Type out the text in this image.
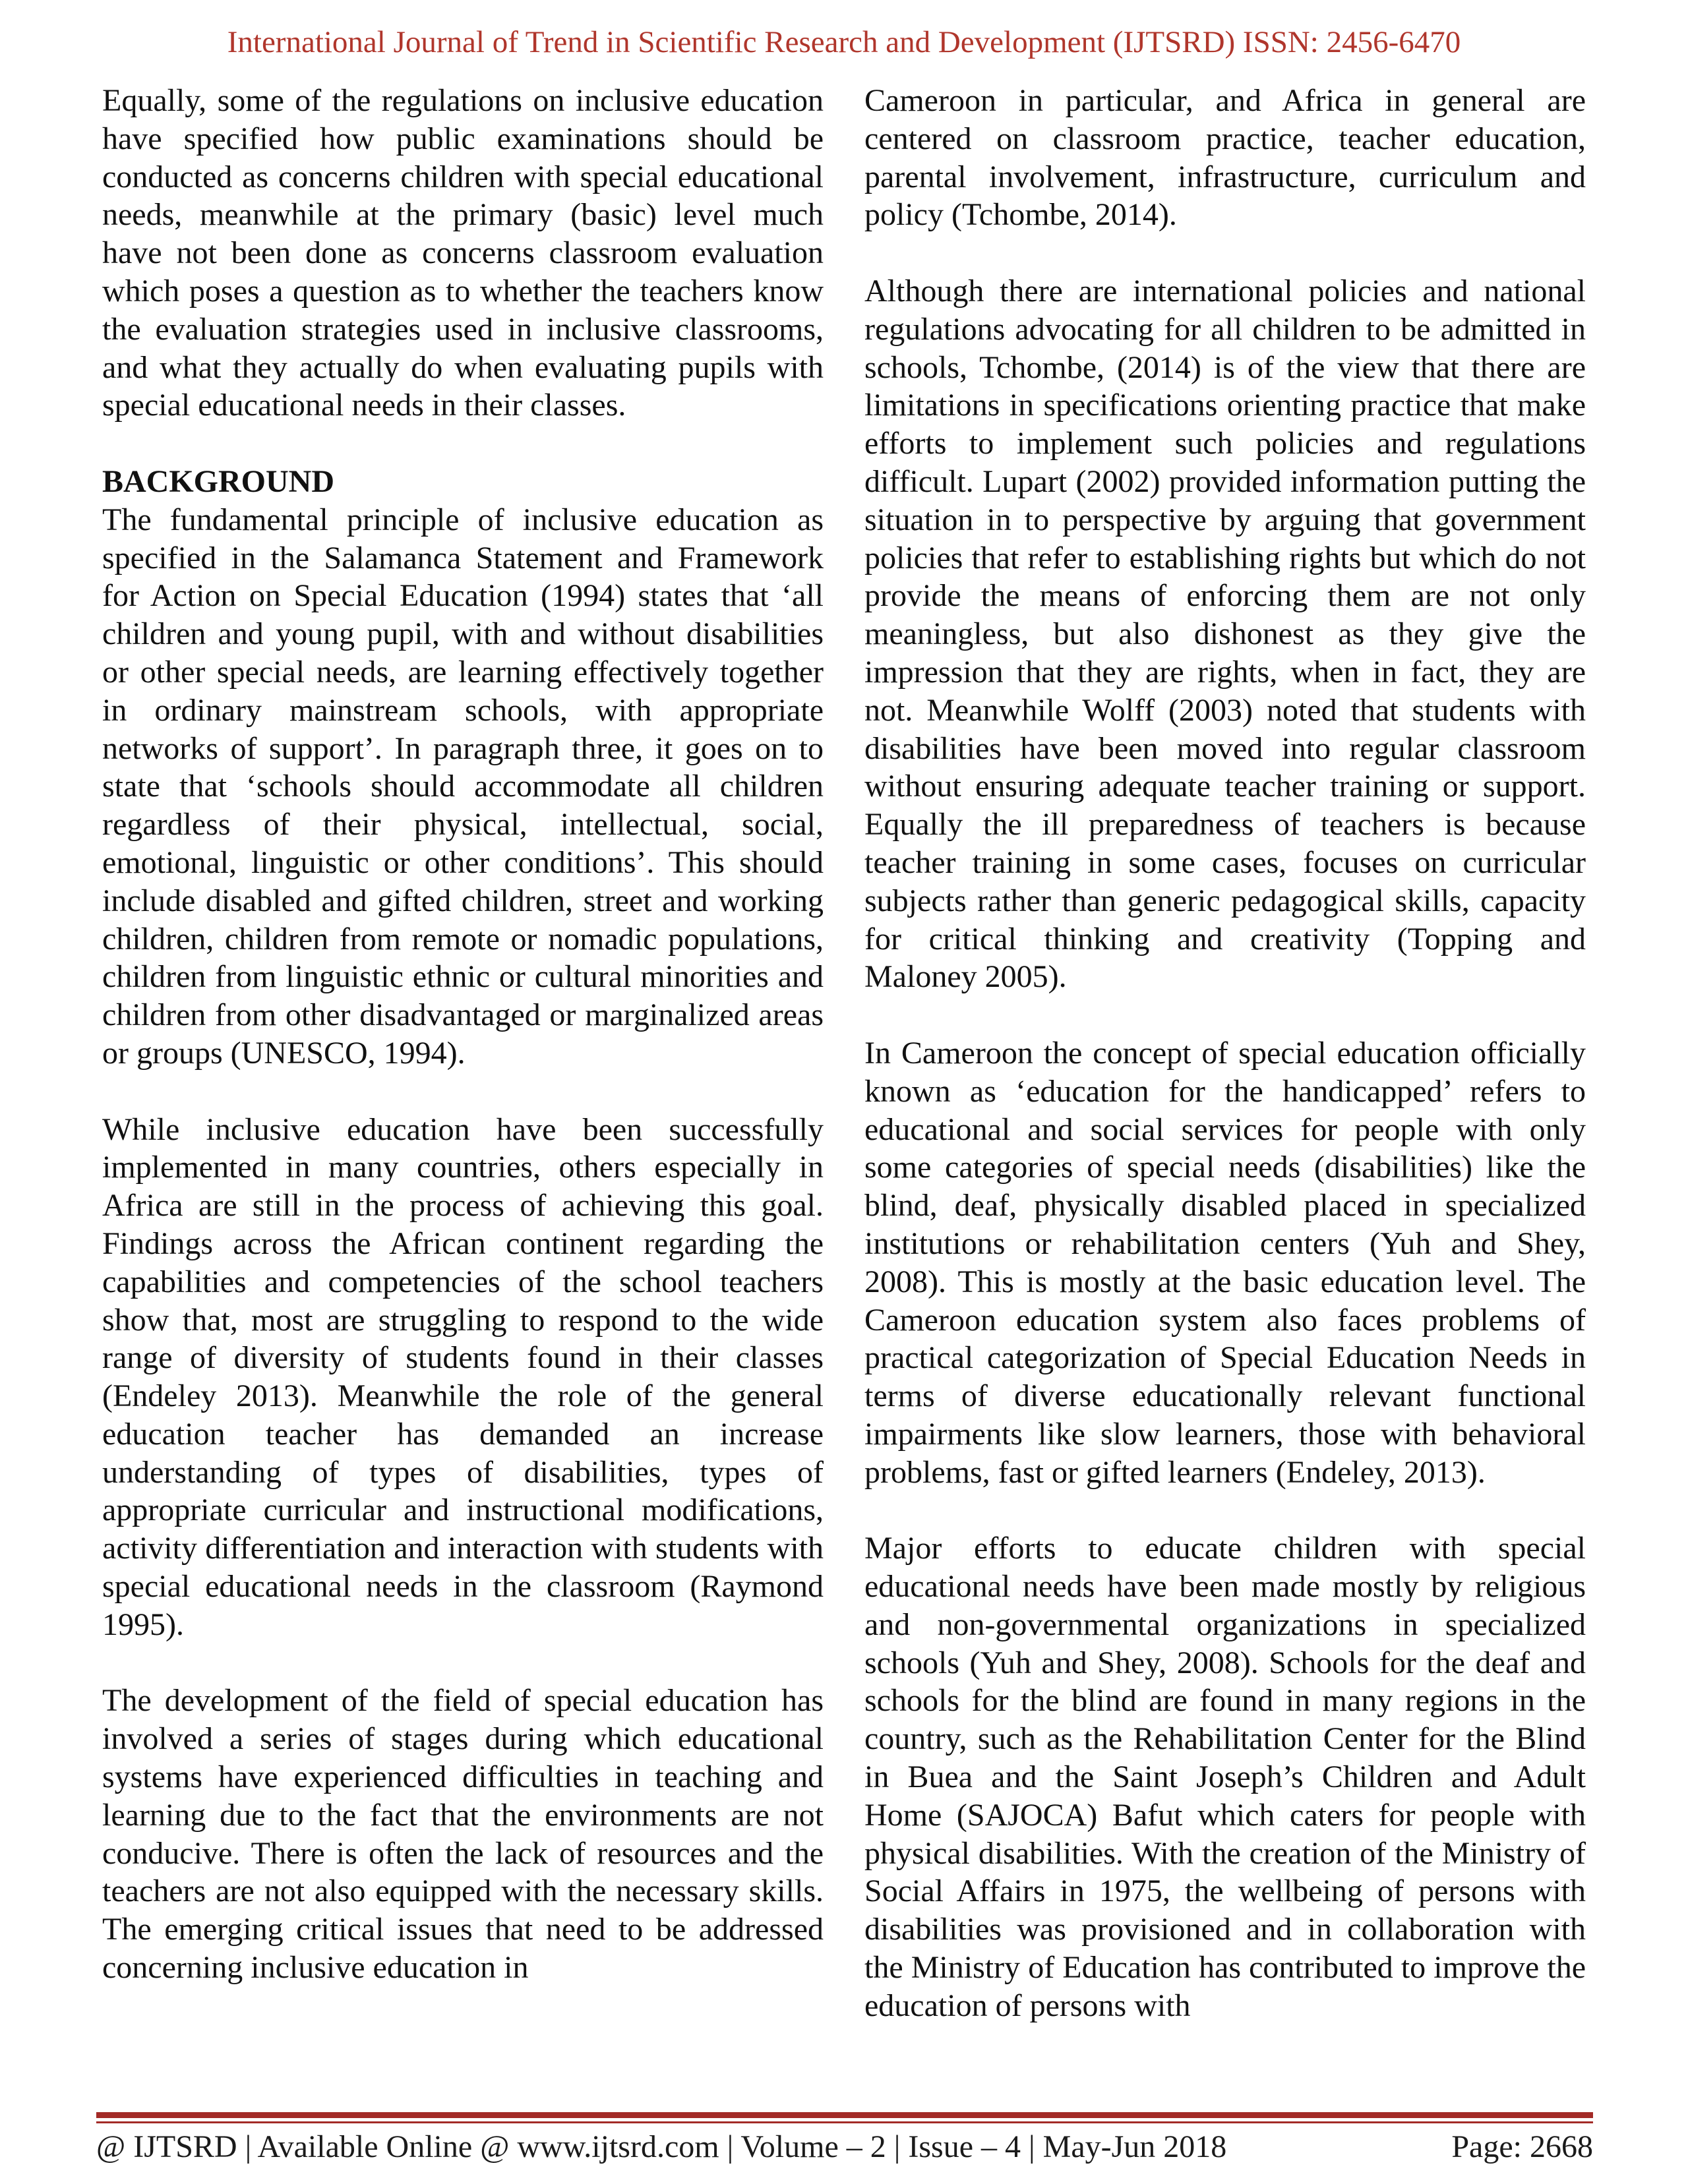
International Journal of Trend in Scientific Research and Development (IJTSRD) ISSN: 2456-6470

Equally, some of the regulations on inclusive education have specified how public examinations should be conducted as concerns children with special educational needs, meanwhile at the primary (basic) level much have not been done as concerns classroom evaluation which poses a question as to whether the teachers know the evaluation strategies used in inclusive classrooms, and what they actually do when evaluating pupils with special educational needs in their classes.

BACKGROUND

The fundamental principle of inclusive education as specified in the Salamanca Statement and Framework for Action on Special Education (1994) states that ‘all children and young pupil, with and without disabilities or other special needs, are learning effectively together in ordinary mainstream schools, with appropriate networks of support’. In paragraph three, it goes on to state that ‘schools should accommodate all children regardless of their physical, intellectual, social, emotional, linguistic or other conditions’. This should include disabled and gifted children, street and working children, children from remote or nomadic populations, children from linguistic ethnic or cultural minorities and children from other disadvantaged or marginalized areas or groups (UNESCO, 1994).

While inclusive education have been successfully implemented in many countries, others especially in Africa are still in the process of achieving this goal. Findings across the African continent regarding the capabilities and competencies of the school teachers show that, most are struggling to respond to the wide range of diversity of students found in their classes (Endeley 2013). Meanwhile the role of the general education teacher has demanded an increase understanding of types of disabilities, types of appropriate curricular and instructional modifications, activity differentiation and interaction with students with special educational needs in the classroom (Raymond 1995).

The development of the field of special education has involved a series of stages during which educational systems have experienced difficulties in teaching and learning due to the fact that the environments are not conducive. There is often the lack of resources and the teachers are not also equipped with the necessary skills. The emerging critical issues that need to be addressed concerning inclusive education in

Cameroon in particular, and Africa in general are centered on classroom practice, teacher education, parental involvement, infrastructure, curriculum and policy (Tchombe, 2014).

Although there are international policies and national regulations advocating for all children to be admitted in schools, Tchombe, (2014) is of the view that there are limitations in specifications orienting practice that make efforts to implement such policies and regulations difficult. Lupart (2002) provided information putting the situation in to perspective by arguing that government policies that refer to establishing rights but which do not provide the means of enforcing them are not only meaningless, but also dishonest as they give the impression that they are rights, when in fact, they are not. Meanwhile Wolff (2003) noted that students with disabilities have been moved into regular classroom without ensuring adequate teacher training or support. Equally the ill preparedness of teachers is because teacher training in some cases, focuses on curricular subjects rather than generic pedagogical skills, capacity for critical thinking and creativity (Topping and Maloney 2005).

In Cameroon the concept of special education officially known as ‘education for the handicapped’ refers to educational and social services for people with only some categories of special needs (disabilities) like the blind, deaf, physically disabled placed in specialized institutions or rehabilitation centers (Yuh and Shey, 2008). This is mostly at the basic education level. The Cameroon education system also faces problems of practical categorization of Special Education Needs in terms of diverse educationally relevant functional impairments like slow learners, those with behavioral problems, fast or gifted learners (Endeley, 2013).

Major efforts to educate children with special educational needs have been made mostly by religious and non-governmental organizations in specialized schools (Yuh and Shey, 2008). Schools for the deaf and schools for the blind are found in many regions in the country, such as the Rehabilitation Center for the Blind in Buea and the Saint Joseph’s Children and Adult Home (SAJOCA) Bafut which caters for people with physical disabilities. With the creation of the Ministry of Social Affairs in 1975, the wellbeing of persons with disabilities was provisioned and in collaboration with the Ministry of Education has contributed to improve the education of persons with

@ IJTSRD | Available Online @ www.ijtsrd.com | Volume – 2 | Issue – 4 | May-Jun 2018	Page: 2668
